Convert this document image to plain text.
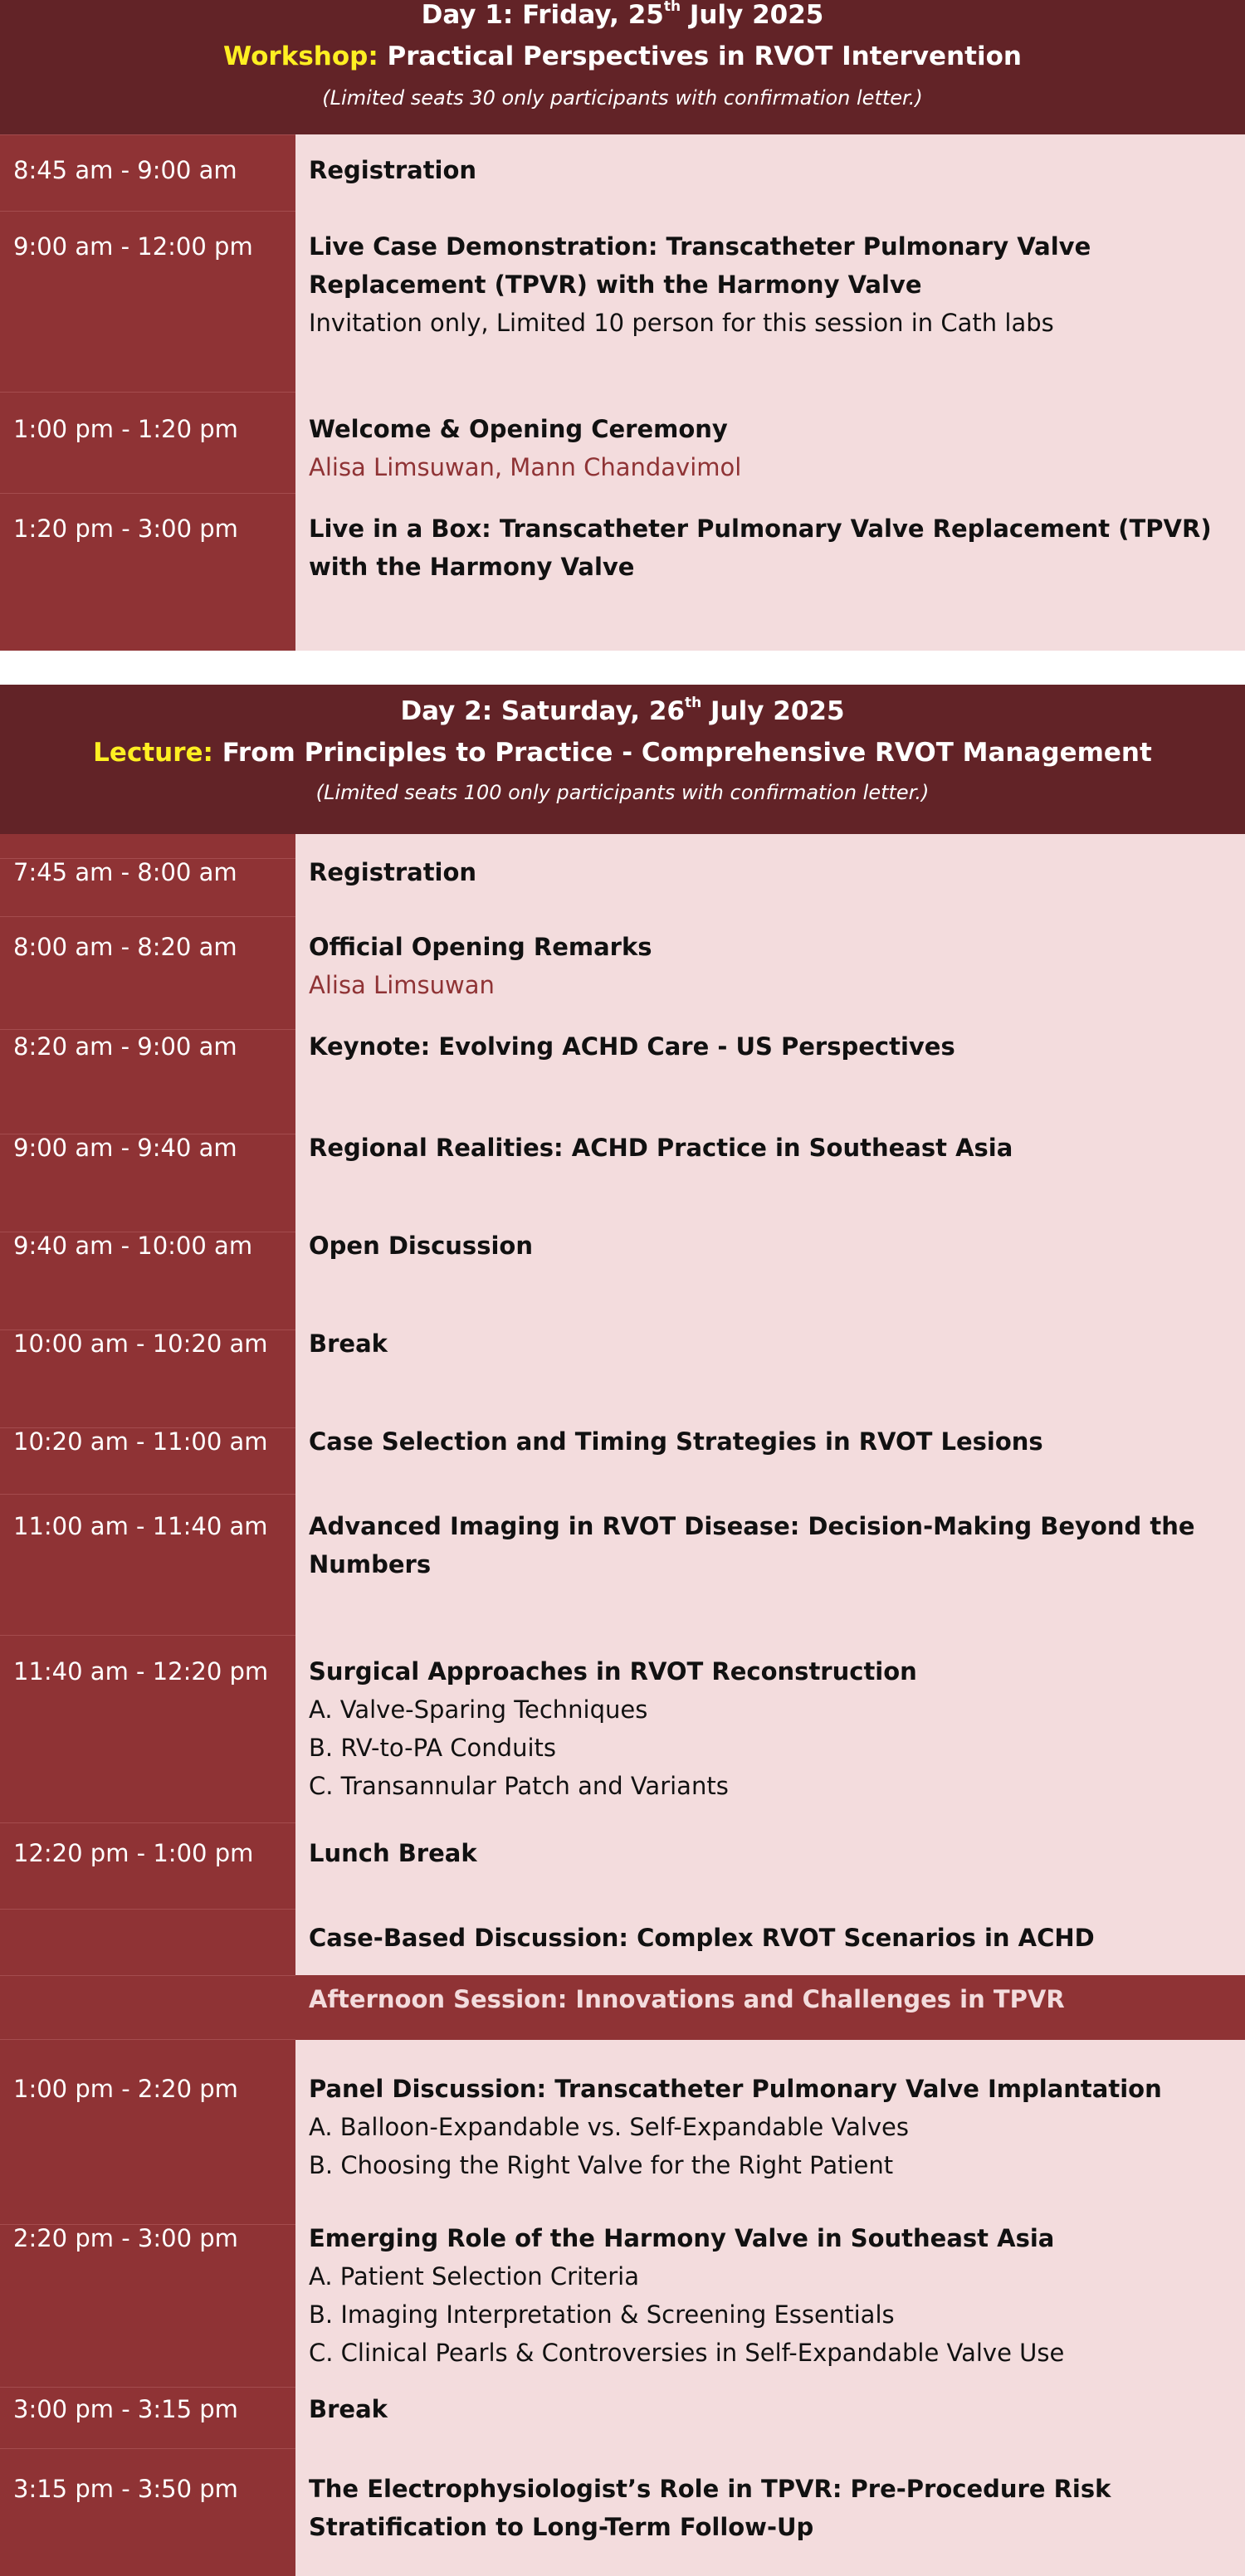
Day 1: Friday, 25th July 2025
Workshop: Practical Perspectives in RVOT Intervention
(Limited seats 30 only participants with confirmation letter.)
8:45 am - 9:00 am	Registration
9:00 am - 12:00 pm Live Case Demonstration: Transcatheter Pulmonary Valve Replacement (TPVR) with the Harmony Valve
Invitation only, Limited 10 person for this session in Cath labs
1:00 pm - 1:20 pm	Welcome & Opening Ceremony
Alisa Limsuwan, Mann Chandavimol
1:20 pm - 3:00 pm	Live in a Box: Transcatheter Pulmonary Valve Replacement (TPVR) with the Harmony Valve
Day 2: Saturday, 26th July 2025
Lecture: From Principles to Practice - Comprehensive RVOT Management
(Limited seats 100 only participants with confirmation letter.)
7:45 am - 8:00 am	Registration
8:00 am - 8:20 am	Official Opening Remarks
Alisa Limsuwan
8:20 am - 9:00 am	Keynote: Evolving ACHD Care - US Perspectives
9:00 am - 9:40 am	Regional Realities: ACHD Practice in Southeast Asia
9:40 am - 10:00 am Open Discussion
10:00 am - 10:20 am Break
10:20 am - 11:00 am Case Selection and Timing Strategies in RVOT Lesions
11:00 am - 11:40 am Advanced Imaging in RVOT Disease: Decision-Making Beyond the Numbers
11:40 am - 12:20 pm Surgical Approaches in RVOT Reconstruction
A. Valve-Sparing Techniques
B. RV-to-PA Conduits
C. Transannular Patch and Variants
12:20 pm - 1:00 pm Lunch Break
Case-Based Discussion: Complex RVOT Scenarios in ACHD
Afternoon Session: Innovations and Challenges in TPVR
1:00 pm - 2:20 pm	Panel Discussion: Transcatheter Pulmonary Valve Implantation
A. Balloon-Expandable vs. Self-Expandable Valves
B. Choosing the Right Valve for the Right Patient
2:20 pm - 3:00 pm	Emerging Role of the Harmony Valve in Southeast Asia
A. Patient Selection Criteria
B. Imaging Interpretation & Screening Essentials
C. Clinical Pearls & Controversies in Self-Expandable Valve Use
3:00 pm - 3:15 pm	Break
3:15 pm - 3:50 pm	The Electrophysiologist’s Role in TPVR: Pre-Procedure Risk Stratification to Long-Term Follow-Up
